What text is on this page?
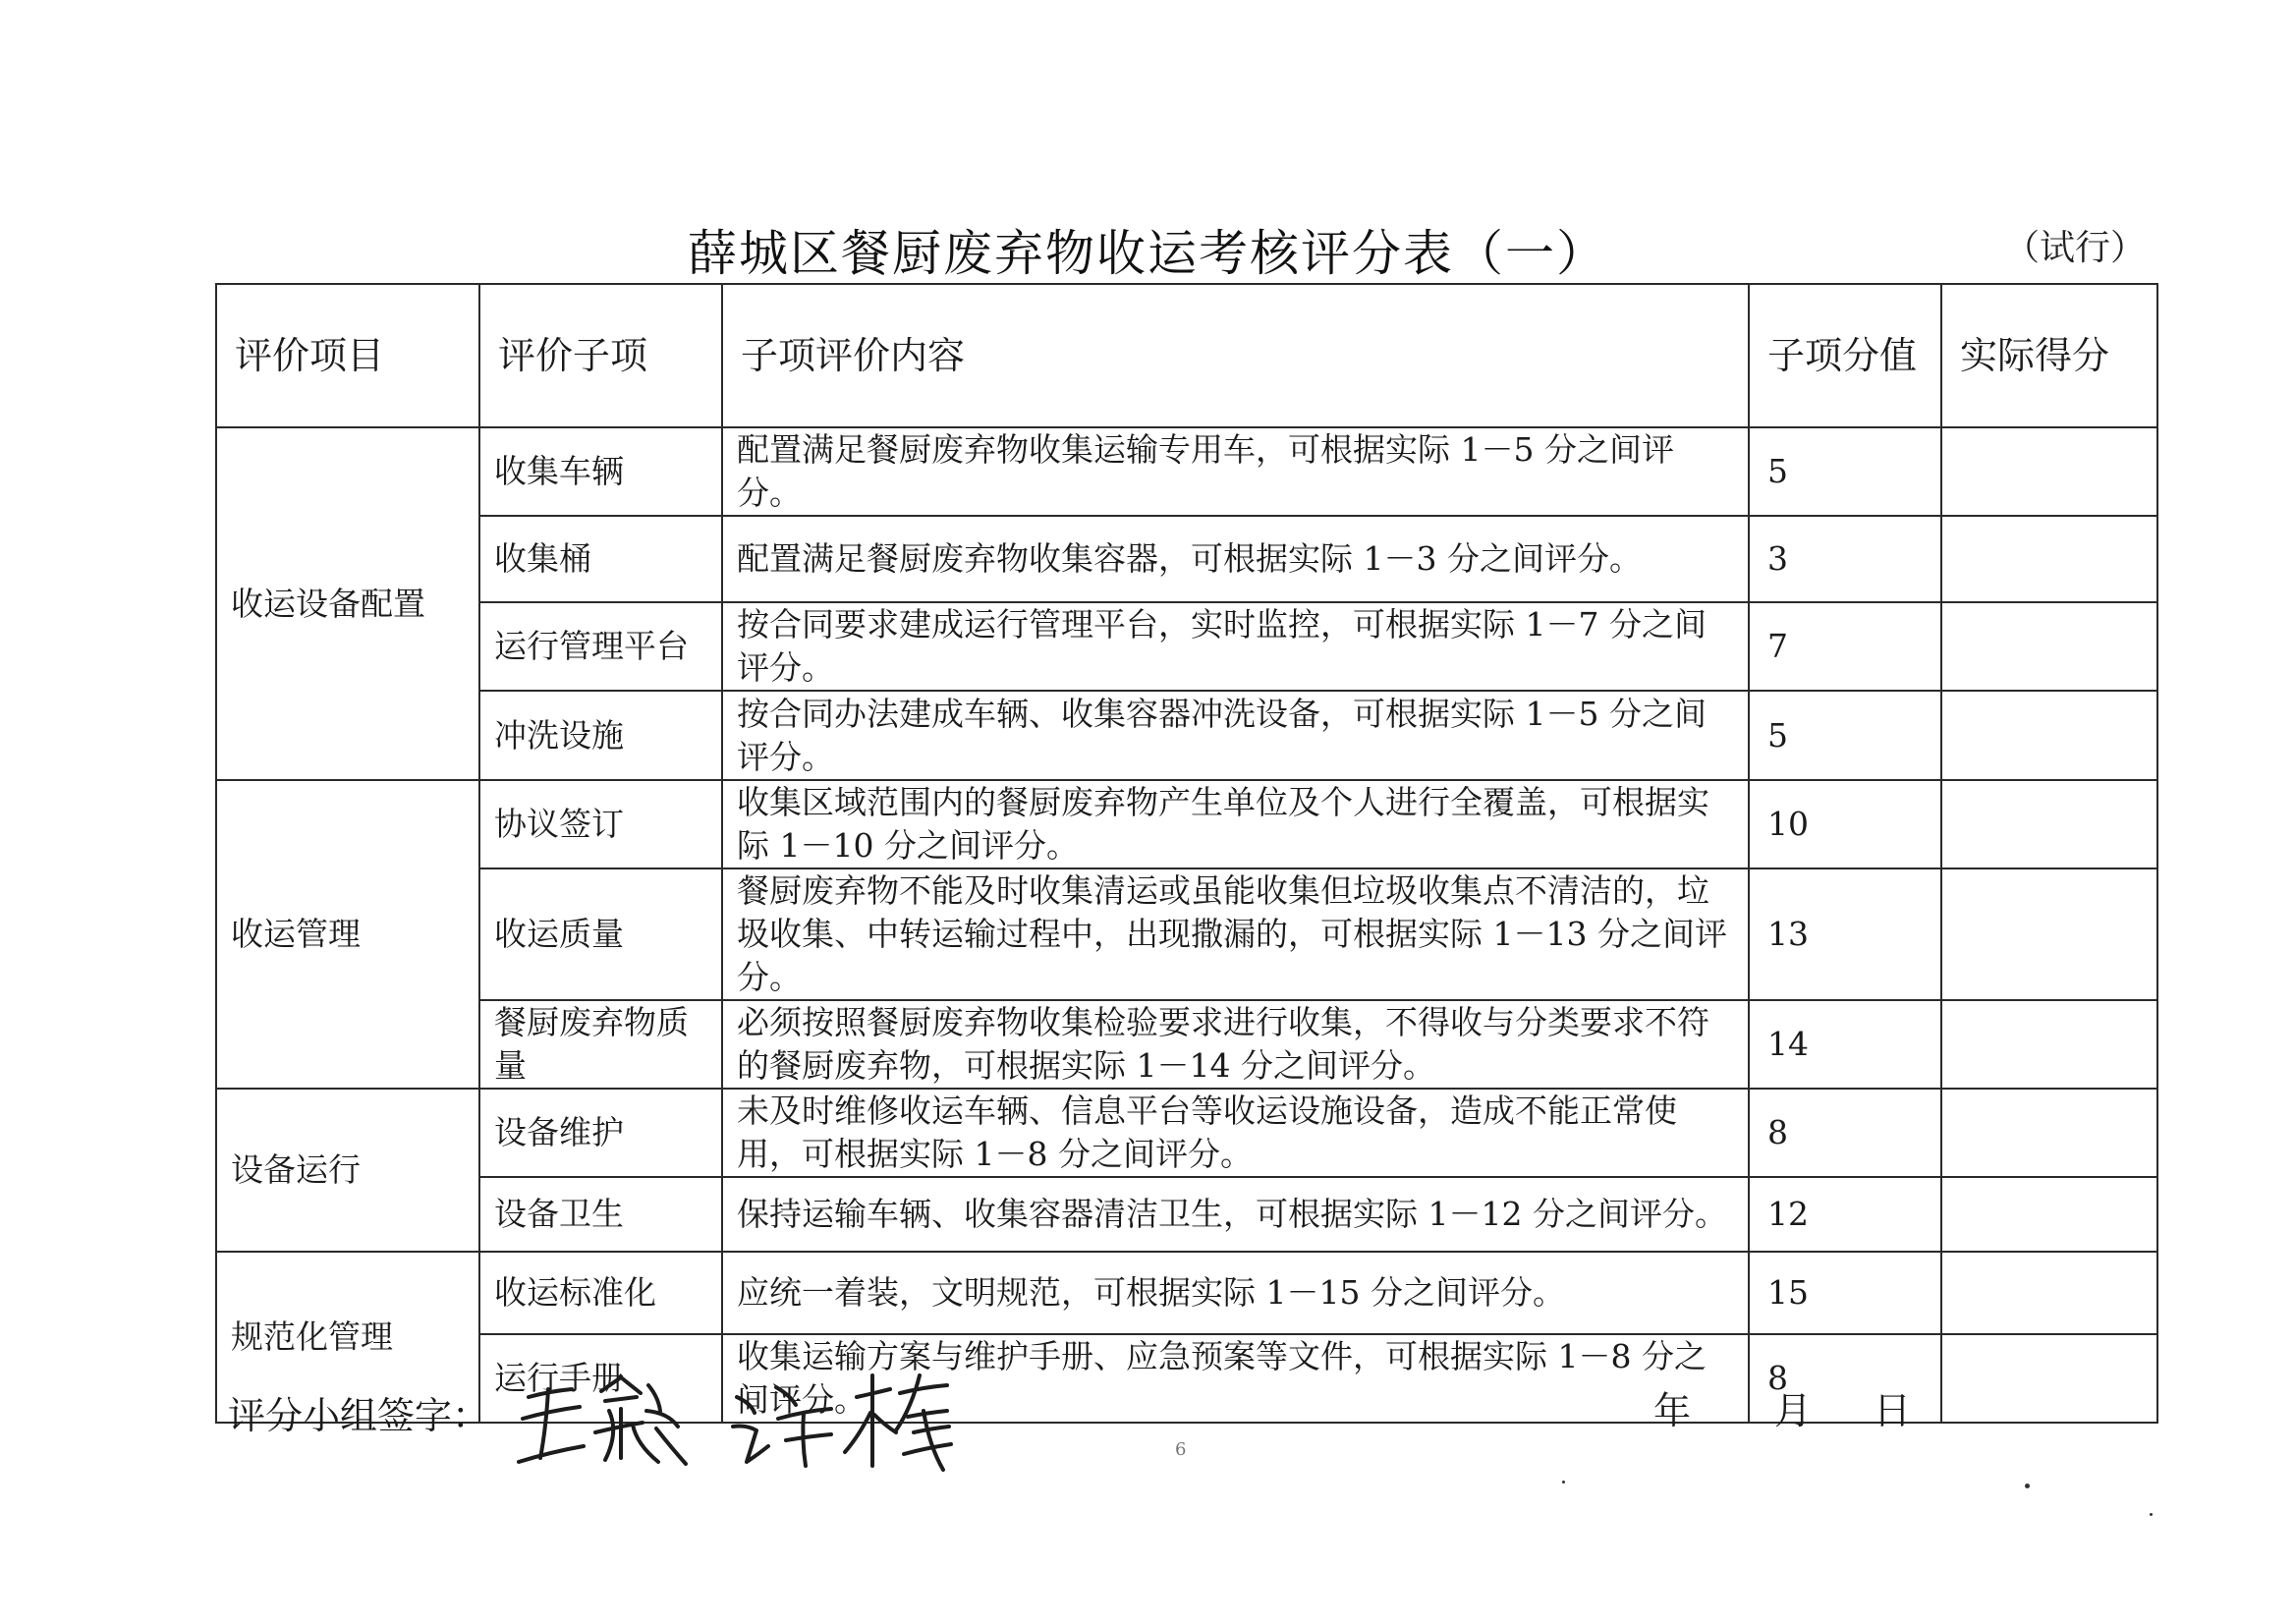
薛城区餐厨废弃物收运考核评分表（一）	（试行）
评价项目	评价子项	子项评价内容	子项分值	实际得分
收运设备配置	收集车辆	配置满足餐厨废弃物收集运输专用车，可根据实际 1－5 分之间评分。	5	
	收集桶	配置满足餐厨废弃物收集容器，可根据实际 1－3 分之间评分。	3	
	运行管理平台	按合同要求建成运行管理平台，实时监控，可根据实际 1－7 分之间评分。	7	
	冲洗设施	按合同办法建成车辆、收集容器冲洗设备，可根据实际 1－5 分之间评分。	5	
收运管理	协议签订	收集区域范围内的餐厨废弃物产生单位及个人进行全覆盖，可根据实际 1－10 分之间评分。	10	
	收运质量	餐厨废弃物不能及时收集清运或虽能收集但垃圾收集点不清洁的，垃圾收集、中转运输过程中，出现撒漏的，可根据实际 1－13 分之间评分。	13	
	餐厨废弃物质量	必须按照餐厨废弃物收集检验要求进行收集，不得收与分类要求不符的餐厨废弃物，可根据实际 1－14 分之间评分。	14	
设备运行	设备维护	未及时维修收运车辆、信息平台等收运设施设备，造成不能正常使用，可根据实际 1－8 分之间评分。	8	
	设备卫生	保持运输车辆、收集容器清洁卫生，可根据实际 1－12 分之间评分。	12	
规范化管理	收运标准化	应统一着装，文明规范，可根据实际 1－15 分之间评分。	15	
	运行手册	收集运输方案与维护手册、应急预案等文件，可根据实际 1－8 分之间评分。	8	
评分小组签字：	年 月 日
6
